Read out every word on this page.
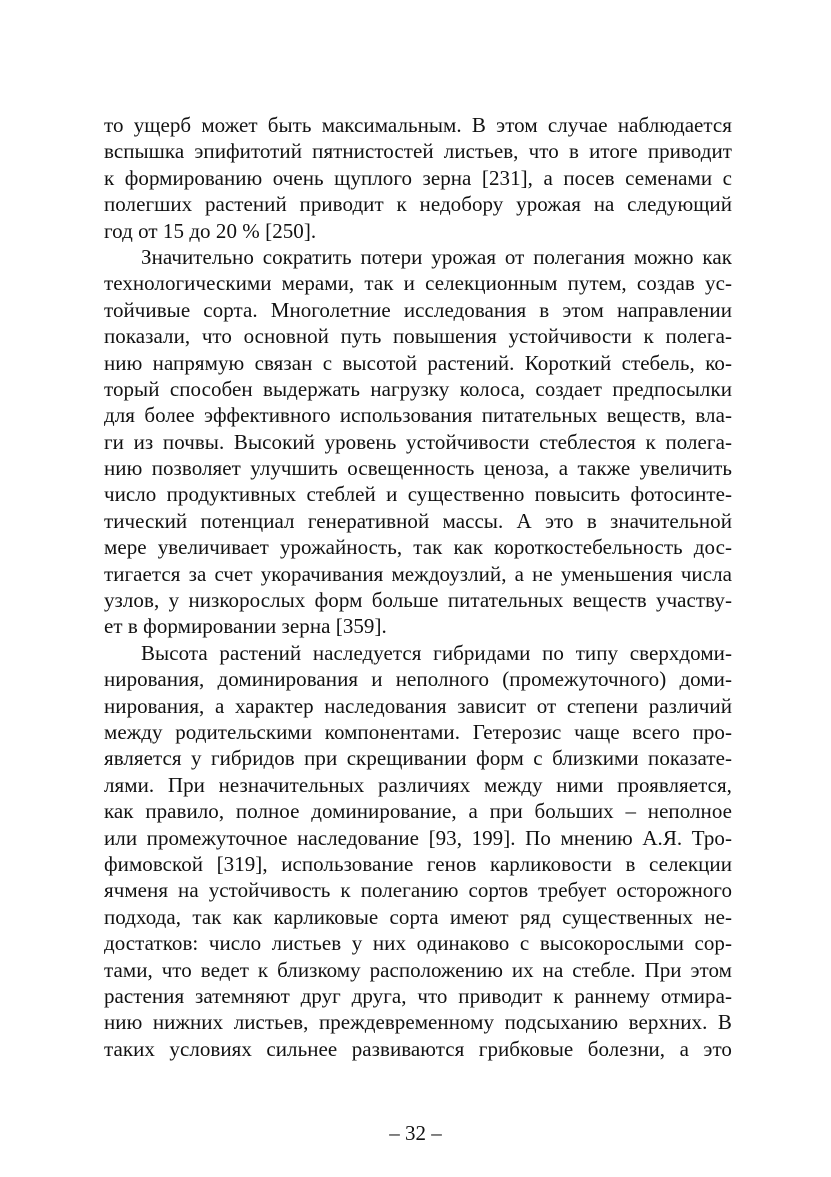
то ущерб может быть максимальным. В этом случае наблюдается
вспышка эпифитотий пятнистостей листьев, что в итоге приводит
к формированию очень щуплого зерна [231], а посев семенами с
полегших растений приводит к недобору урожая на следующий
год от 15 до 20 % [250].
Значительно сократить потери урожая от полегания можно как
технологическими мерами, так и селекционным путем, создав ус-
тойчивые сорта. Многолетние исследования в этом направлении
показали, что основной путь повышения устойчивости к полега-
нию напрямую связан с высотой растений. Короткий стебель, ко-
торый способен выдержать нагрузку колоса, создает предпосылки
для более эффективного использования питательных веществ, вла-
ги из почвы. Высокий уровень устойчивости стеблестоя к полега-
нию позволяет улучшить освещенность ценоза, а также увеличить
число продуктивных стеблей и существенно повысить фотосинте-
тический потенциал генеративной массы. А это в значительной
мере увеличивает урожайность, так как короткостебельность дос-
тигается за счет укорачивания междоузлий, а не уменьшения числа
узлов, у низкорослых форм больше питательных веществ участву-
ет в формировании зерна [359].
Высота растений наследуется гибридами по типу сверхдоми-
нирования, доминирования и неполного (промежуточного) доми-
нирования, а характер наследования зависит от степени различий
между родительскими компонентами. Гетерозис чаще всего про-
является у гибридов при скрещивании форм с близкими показате-
лями. При незначительных различиях между ними проявляется,
как правило, полное доминирование, а при больших – неполное
или промежуточное наследование [93, 199]. По мнению А.Я. Тро-
фимовской [319], использование генов карликовости в селекции
ячменя на устойчивость к полеганию сортов требует осторожного
подхода, так как карликовые сорта имеют ряд существенных не-
достатков: число листьев у них одинаково с высокорослыми сор-
тами, что ведет к близкому расположению их на стебле. При этом
растения затемняют друг друга, что приводит к раннему отмира-
нию нижних листьев, преждевременному подсыханию верхних. В
таких условиях сильнее развиваются грибковые болезни, а это
– 32 –
